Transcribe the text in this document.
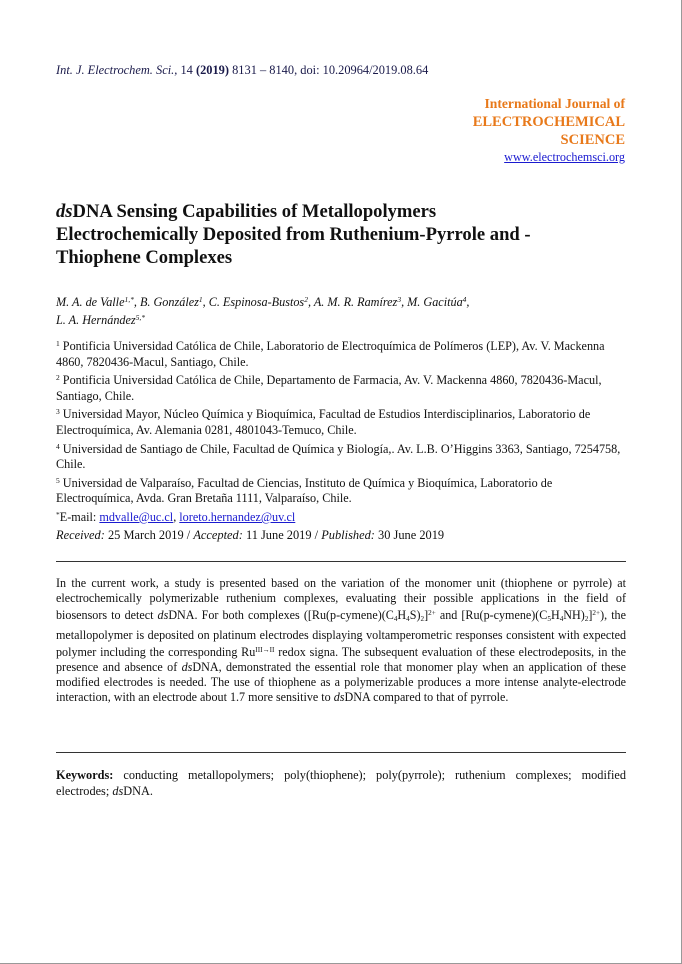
Int. J. Electrochem. Sci., 14 (2019) 8131 – 8140, doi: 10.20964/2019.08.64
International Journal of
ELECTROCHEMICAL
SCIENCE
www.electrochemsci.org
dsDNA Sensing Capabilities of Metallopolymers
Electrochemically Deposited from Ruthenium-Pyrrole and -
Thiophene Complexes
M. A. de Valle$^{1,*}$, B. González$^1$, C. Espinosa-Bustos$^2$, A. M. R. Ramírez$^3$, M. Gacitúa$^4$,
L. A. Hernández$^{5,*}$

$^1$ Pontificia Universidad Católica de Chile, Laboratorio de Electroquímica de Polímeros (LEP), Av. V. Mackenna 4860, 7820436-Macul, Santiago, Chile.

$^2$ Pontificia Universidad Católica de Chile, Departamento de Farmacia, Av. V. Mackenna 4860, 7820436-Macul, Santiago, Chile.

$^3$ Universidad Mayor, Núcleo Química y Bioquímica, Facultad de Estudios Interdisciplinarios, Laboratorio de Electroquímica, Av. Alemania 0281, 4801043-Temuco, Chile.

$^4$ Universidad de Santiago de Chile, Facultad de Química y Biología,. Av. L.B. O’Higgins 3363, Santiago, 7254758, Chile.

$^5$ Universidad de Valparaíso, Facultad de Ciencias, Instituto de Química y Bioquímica, Laboratorio de Electroquímica, Avda. Gran Bretaña 1111, Valparaíso, Chile.

*E-mail: mdvalle@uc.cl, loreto.hernandez@uv.cl

Received: 25 March 2019 / Accepted: 11 June 2019 / Published: 30 June 2019
In the current work, a study is presented based on the variation of the monomer unit (thiophene or pyrrole) at electrochemically polymerizable ruthenium complexes, evaluating their possible applications in the field of biosensors to detect dsDNA. For both complexes ($[Ru(p-cymene)(C_4H_4S)_2]^{2+}$ and $[Ru(p-cymene)(C_5H_4NH)_2]^{2+}$), the metallopolymer is deposited on platinum electrodes displaying voltamperometric responses consistent with expected polymer including the corresponding $Ru^{III\to II}$ redox signa. The subsequent evaluation of these electrodeposits, in the presence and absence of dsDNA, demonstrated the essential role that monomer play when an application of these modified electrodes is needed. The use of thiophene as a polymerizable produces a more intense analyte-electrode interaction, with an electrode about 1.7 more sensitive to dsDNA compared to that of pyrrole.
Keywords: conducting metallopolymers; poly(thiophene); poly(pyrrole); ruthenium complexes; modified electrodes; dsDNA.
